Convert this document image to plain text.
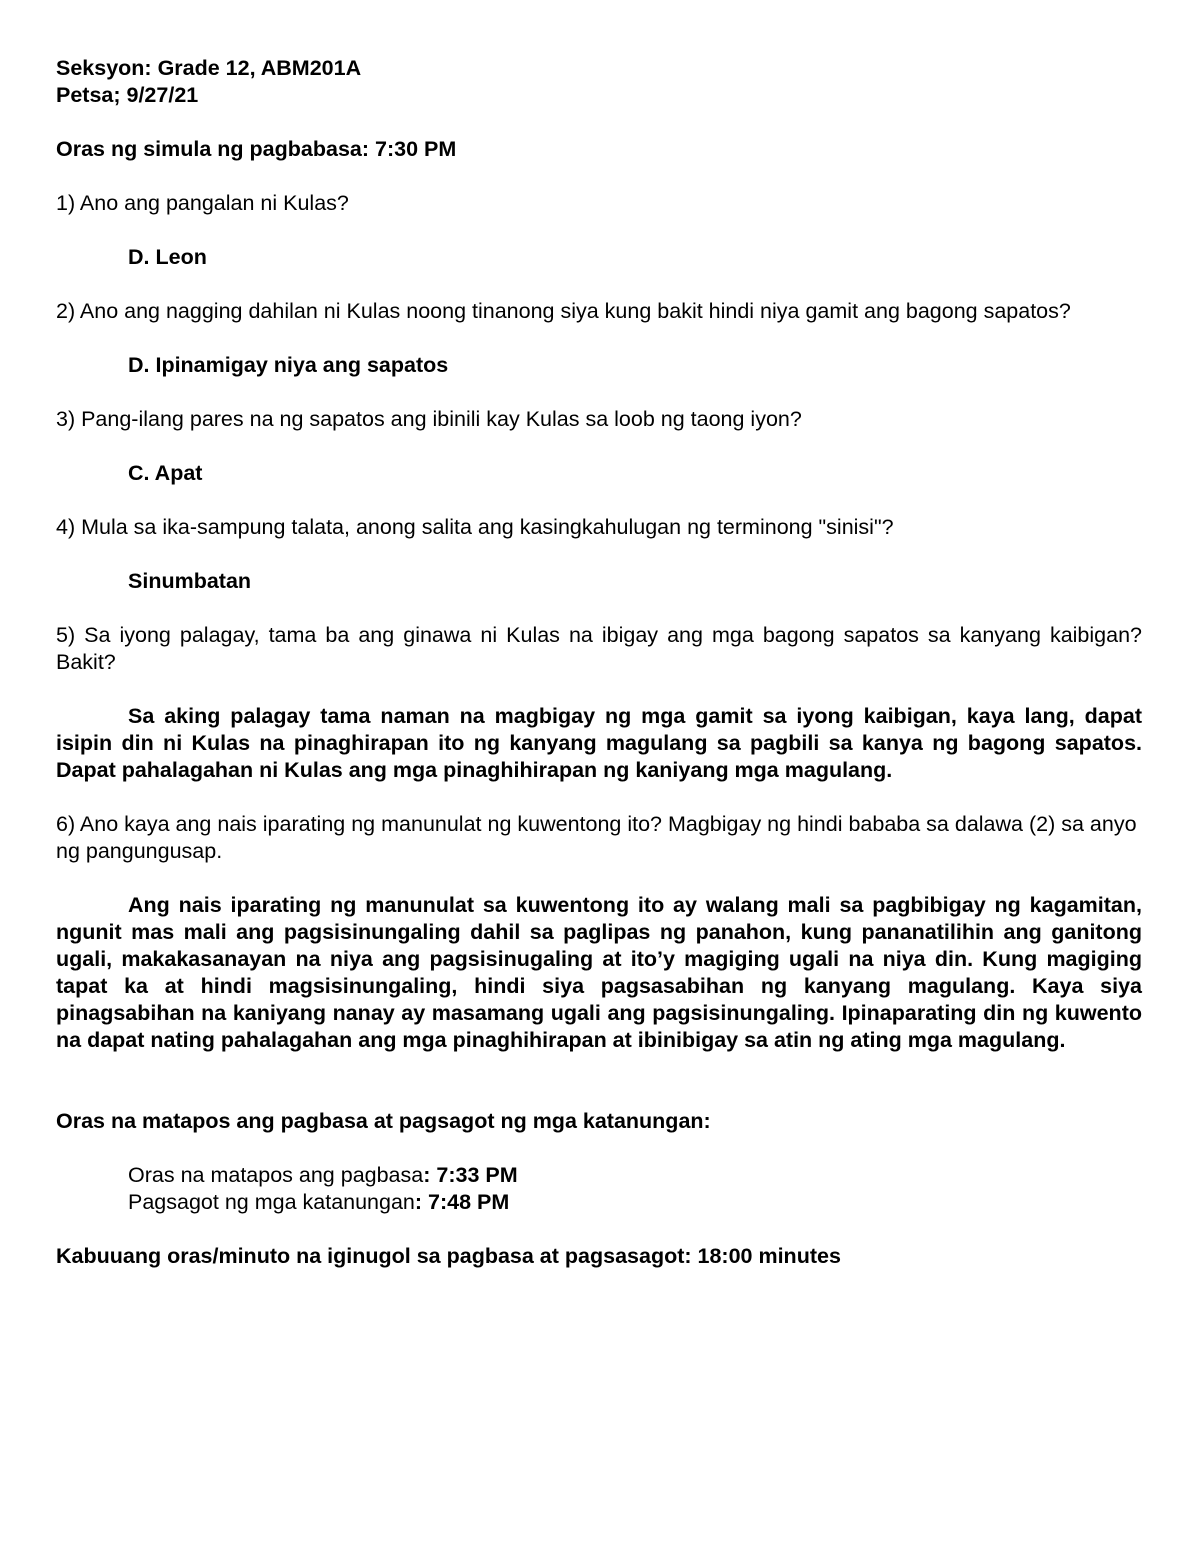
Seksyon: Grade 12, ABM201A

Petsa; 9/27/21

Oras ng simula ng pagbabasa: 7:30 PM

1) Ano ang pangalan ni Kulas?

D. Leon

2) Ano ang nagging dahilan ni Kulas noong tinanong siya kung bakit hindi niya gamit ang bagong sapatos?

D. Ipinamigay niya ang sapatos

3) Pang-ilang pares na ng sapatos ang ibinili kay Kulas sa loob ng taong iyon?

C. Apat

4) Mula sa ika-sampung talata, anong salita ang kasingkahulugan ng terminong "sinisi"?

Sinumbatan

5) Sa iyong palagay, tama ba ang ginawa ni Kulas na ibigay ang mga bagong sapatos sa kanyang kaibigan? Bakit?

Sa aking palagay tama naman na magbigay ng mga gamit sa iyong kaibigan, kaya lang, dapat isipin din ni Kulas na pinaghirapan ito ng kanyang magulang sa pagbili sa kanya ng bagong sapatos. Dapat pahalagahan ni Kulas ang mga pinaghihirapan ng kaniyang mga magulang.

6) Ano kaya ang nais iparating ng manunulat ng kuwentong ito? Magbigay ng hindi bababa sa dalawa (2) sa anyo ng pangungusap.

Ang nais iparating ng manunulat sa kuwentong ito ay walang mali sa pagbibigay ng kagamitan, ngunit mas mali ang pagsisinungaling dahil sa paglipas ng panahon, kung pananatilihin ang ganitong ugali, makakasanayan na niya ang pagsisinugaling at ito’y magiging ugali na niya din. Kung magiging tapat ka at hindi magsisinungaling, hindi siya pagsasabihan ng kanyang magulang. Kaya siya pinagsabihan na kaniyang nanay ay masamang ugali ang pagsisinungaling. Ipinaparating din ng kuwento na dapat nating pahalagahan ang mga pinaghihirapan at ibinibigay sa atin ng ating mga magulang.

Oras na matapos ang pagbasa at pagsagot ng mga katanungan:

Oras na matapos ang pagbasa: 7:33 PM

Pagsagot ng mga katanungan: 7:48 PM

Kabuuang oras/minuto na iginugol sa pagbasa at pagsasagot: 18:00 minutes
